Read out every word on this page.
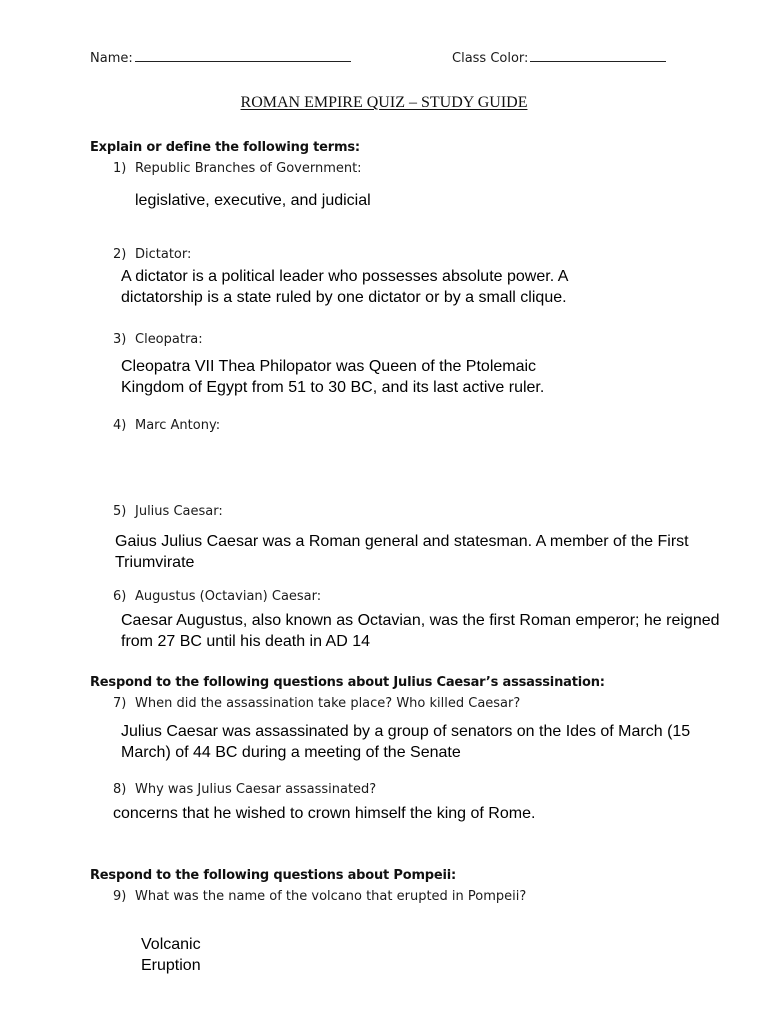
Name:	Class Color:
ROMAN EMPIRE QUIZ – STUDY GUIDE
Explain or define the following terms:
1) Republic Branches of Government:
legislative, executive, and judicial
2) Dictator:
A dictator is a political leader who possesses absolute power. A
dictatorship is a state ruled by one dictator or by a small clique.
3) Cleopatra:
Cleopatra VII Thea Philopator was Queen of the Ptolemaic
Kingdom of Egypt from 51 to 30 BC, and its last active ruler.
4) Marc Antony:
5) Julius Caesar:
Gaius Julius Caesar was a Roman general and statesman. A member of the First
Triumvirate
6) Augustus (Octavian) Caesar:
Caesar Augustus, also known as Octavian, was the first Roman emperor; he reigned
from 27 BC until his death in AD 14
Respond to the following questions about Julius Caesar’s assassination:
7) When did the assassination take place? Who killed Caesar?
Julius Caesar was assassinated by a group of senators on the Ides of March (15
March) of 44 BC during a meeting of the Senate
8) Why was Julius Caesar assassinated?
concerns that he wished to crown himself the king of Rome.
Respond to the following questions about Pompeii:
9) What was the name of the volcano that erupted in Pompeii?
Volcanic
Eruption
